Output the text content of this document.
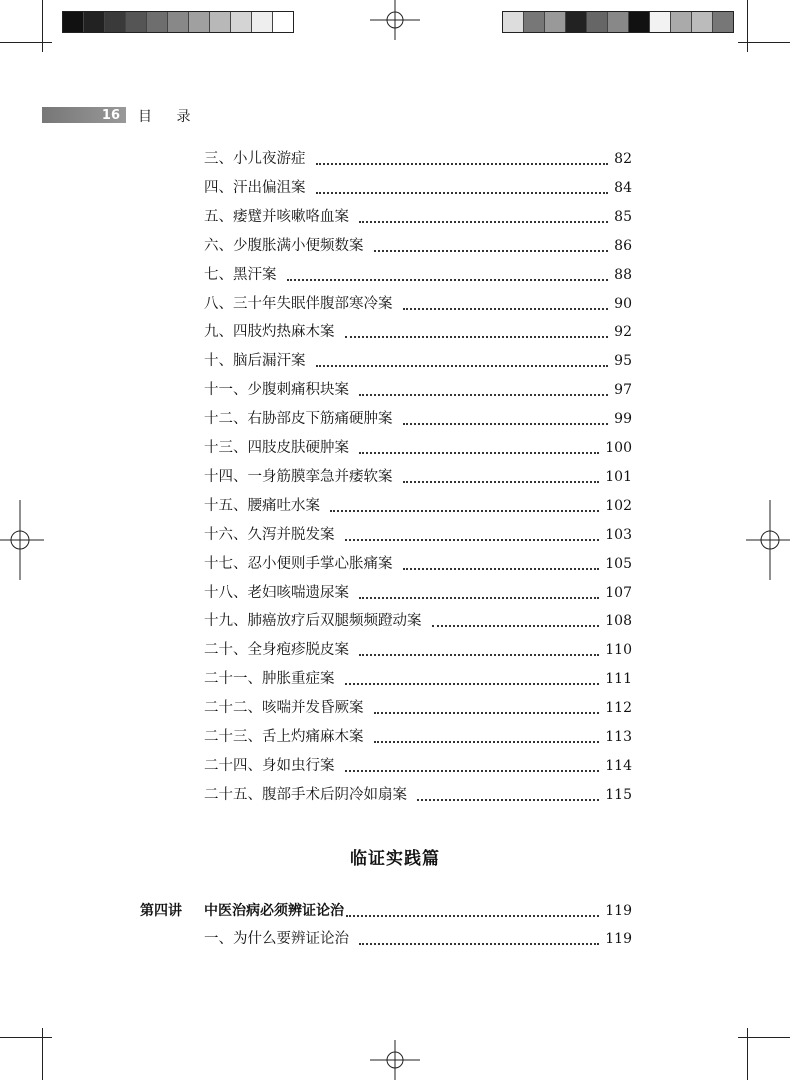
16	目 录
三、小儿夜游症	82
四、汗出偏沮案	84
五、痿躄并咳嗽咯血案	85
六、少腹胀满小便频数案	86
七、黑汗案	88
八、三十年失眠伴腹部寒冷案	90
九、四肢灼热麻木案	92
十、脑后漏汗案	95
十一、少腹刺痛积块案	97
十二、右胁部皮下筋痛硬肿案	99
十三、四肢皮肤硬肿案	100
十四、一身筋膜挛急并痿软案	101
十五、腰痛吐水案	102
十六、久泻并脱发案	103
十七、忍小便则手掌心胀痛案	105
十八、老妇咳喘遗尿案	107
十九、肺癌放疗后双腿频频蹬动案	108
二十、全身疱疹脱皮案	110
二十一、肿胀重症案	111
二十二、咳喘并发昏厥案	112
二十三、舌上灼痛麻木案	113
二十四、身如虫行案	114
二十五、腹部手术后阴冷如扇案	115
临证实践篇
第四讲	中医治病必须辨证论治	119
一、为什么要辨证论治	119
